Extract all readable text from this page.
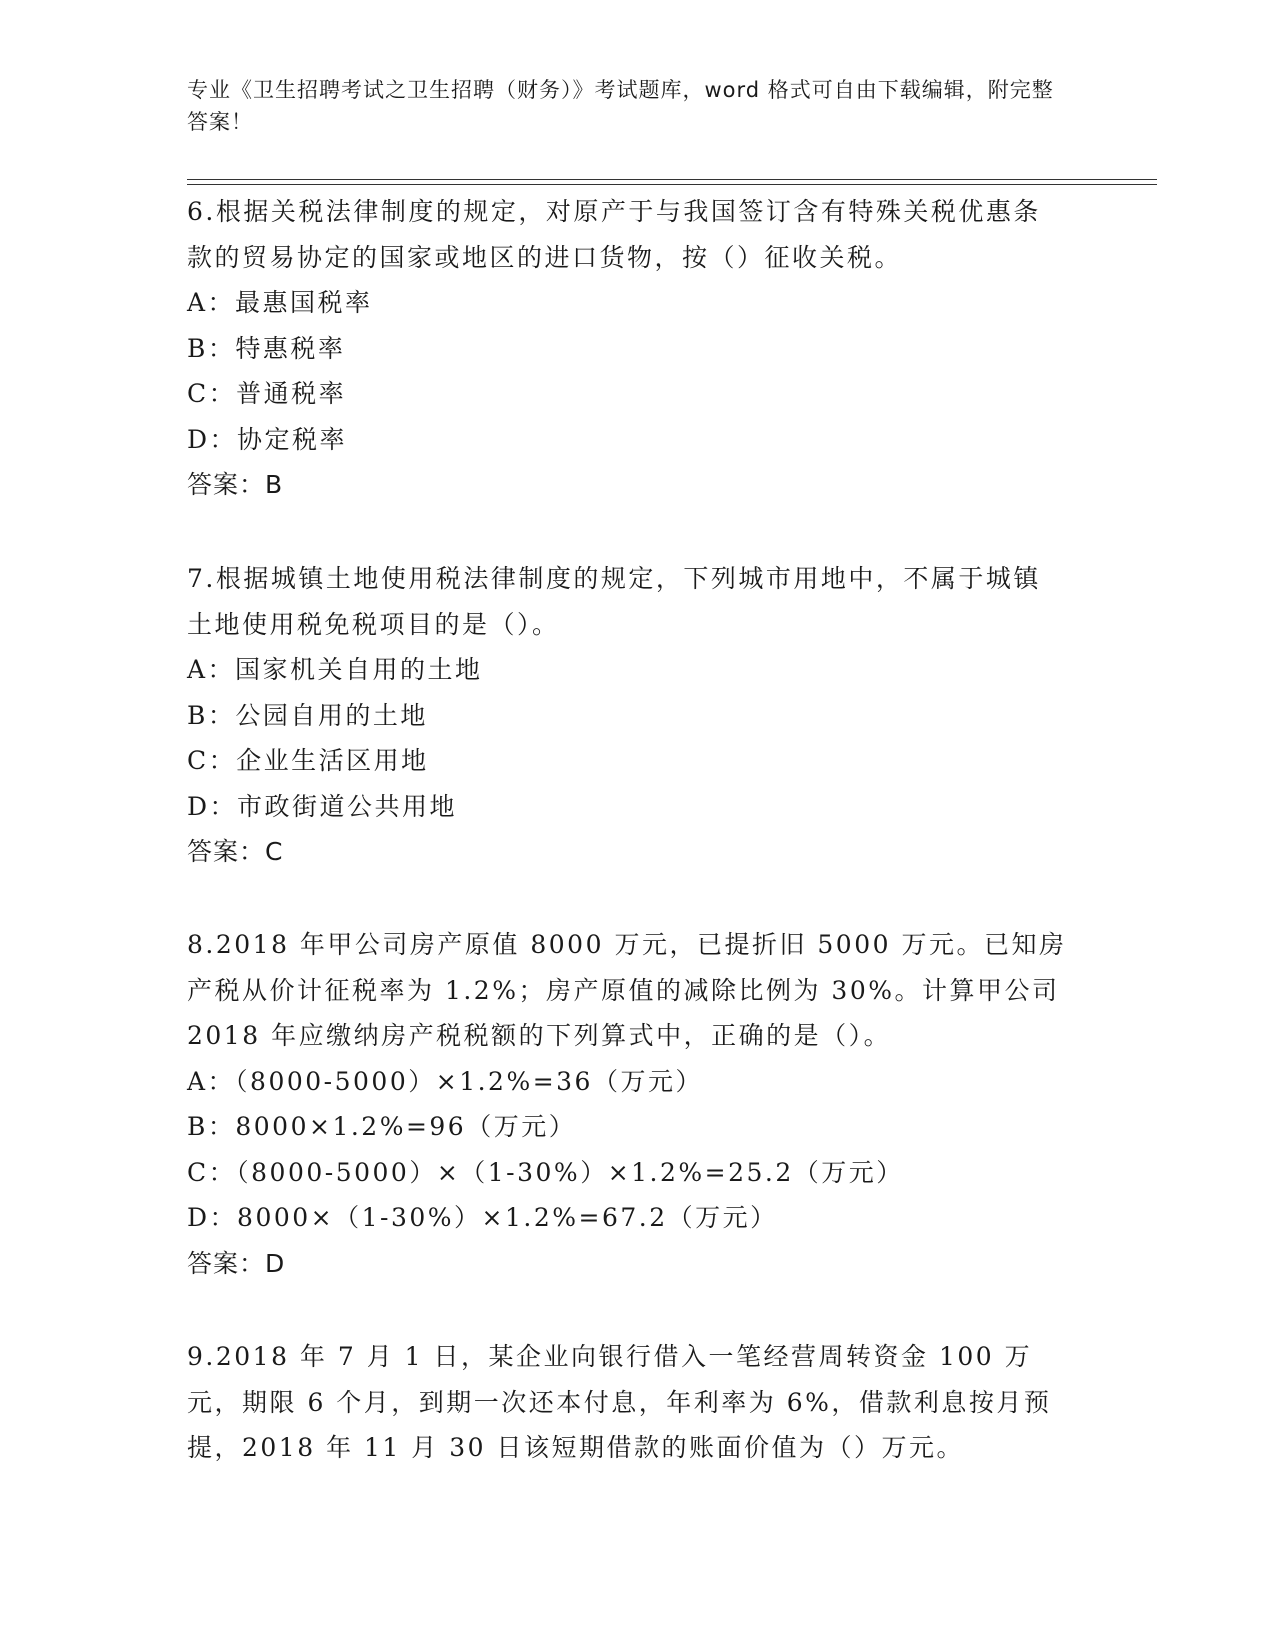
专业《卫生招聘考试之卫生招聘（财务）》考试题库，word 格式可自由下载编辑，附完整答案！
6.根据关税法律制度的规定，对原产于与我国签订含有特殊关税优惠条款的贸易协定的国家或地区的进口货物，按（）征收关税。
A：最惠国税率
B：特惠税率
C：普通税率
D：协定税率
答案：B
7.根据城镇土地使用税法律制度的规定，下列城市用地中，不属于城镇土地使用税免税项目的是（）。
A：国家机关自用的土地
B：公园自用的土地
C：企业生活区用地
D：市政街道公共用地
答案：C
8.2018 年甲公司房产原值 8000 万元，已提折旧 5000 万元。已知房产税从价计征税率为 1.2%；房产原值的减除比例为 30%。计算甲公司 2018 年应缴纳房产税税额的下列算式中，正确的是（）。
A：（8000-5000）×1.2%=36（万元）
B：8000×1.2%=96（万元）
C：（8000-5000）×（1-30%）×1.2%=25.2（万元）
D：8000×（1-30%）×1.2%=67.2（万元）
答案：D
9.2018 年 7 月 1 日，某企业向银行借入一笔经营周转资金 100 万元，期限 6 个月，到期一次还本付息，年利率为 6%，借款利息按月预提，2018 年 11 月 30 日该短期借款的账面价值为（）万元。
